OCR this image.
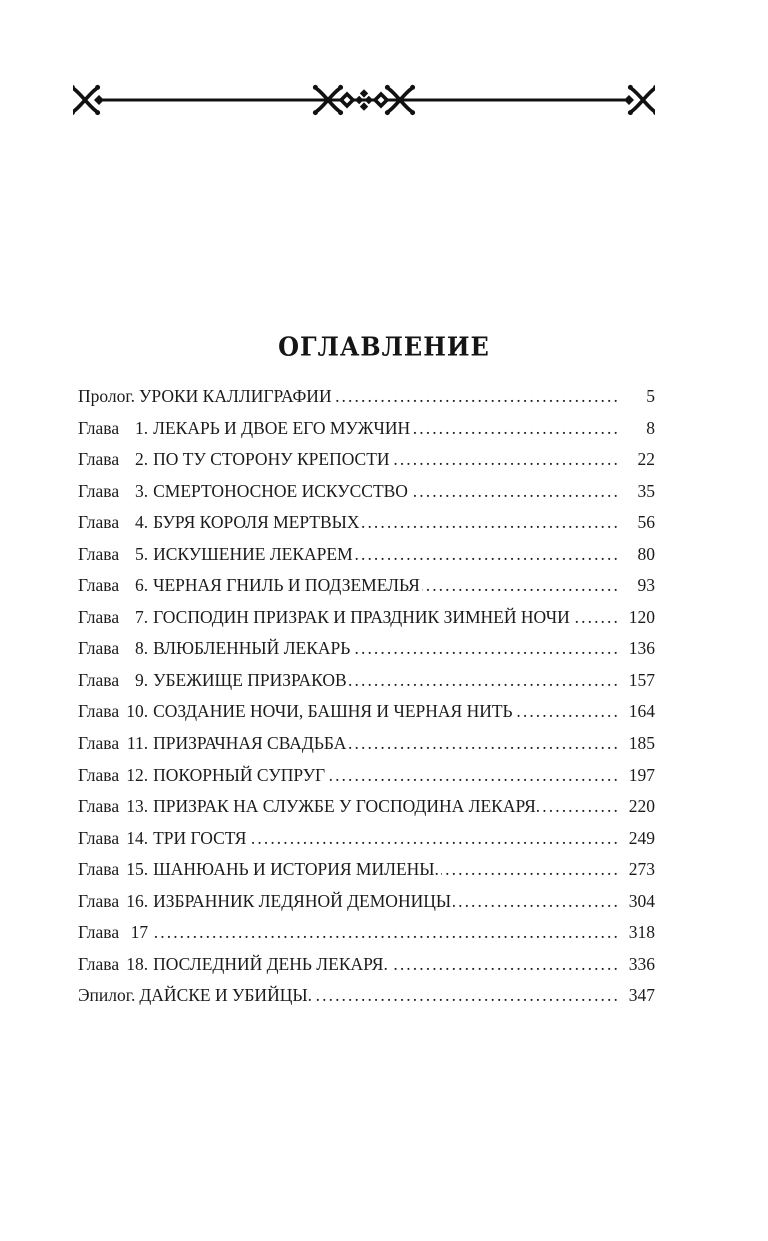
ОГЛАВЛЕНИЕ
Пролог. УРОКИ КАЛЛИГРАФИИ .....	5
Глава 1. ЛЕКАРЬ И ДВОЕ ЕГО МУЖЧИН .....	8
Глава 2. ПО ТУ СТОРОНУ КРЕПОСТИ .....	22
Глава 3. СМЕРТОНОСНОЕ ИСКУССТВО .....	35
Глава 4. БУРЯ КОРОЛЯ МЕРТВЫХ .....	56
Глава 5. ИСКУШЕНИЕ ЛЕКАРЕМ .....	80
Глава 6. ЧЕРНАЯ ГНИЛЬ И ПОДЗЕМЕЛЬЯ .....	93
Глава 7. ГОСПОДИН ПРИЗРАК И ПРАЗДНИК ЗИМНЕЙ НОЧИ .....	120
Глава 8. ВЛЮБЛЕННЫЙ ЛЕКАРЬ .....	136
Глава 9. УБЕЖИЩЕ ПРИЗРАКОВ .....	157
Глава 10. СОЗДАНИЕ НОЧИ, БАШНЯ И ЧЕРНАЯ НИТЬ .....	164
Глава 11. ПРИЗРАЧНАЯ СВАДЬБА .....	185
Глава 12. ПОКОРНЫЙ СУПРУГ .....	197
Глава 13. ПРИЗРАК НА СЛУЖБЕ У ГОСПОДИНА ЛЕКАРЯ. .....	220
Глава 14. ТРИ ГОСТЯ .....	249
Глава 15. ШАНЮАНЬ И ИСТОРИЯ МИЛЕНЫ. .....	273
Глава 16. ИЗБРАННИК ЛЕДЯНОЙ ДЕМОНИЦЫ .....	304
Глава 17 .....	318
Глава 18. ПОСЛЕДНИЙ ДЕНЬ ЛЕКАРЯ. .....	336
Эпилог. ДАЙСКЕ И УБИЙЦЫ. .....	347
